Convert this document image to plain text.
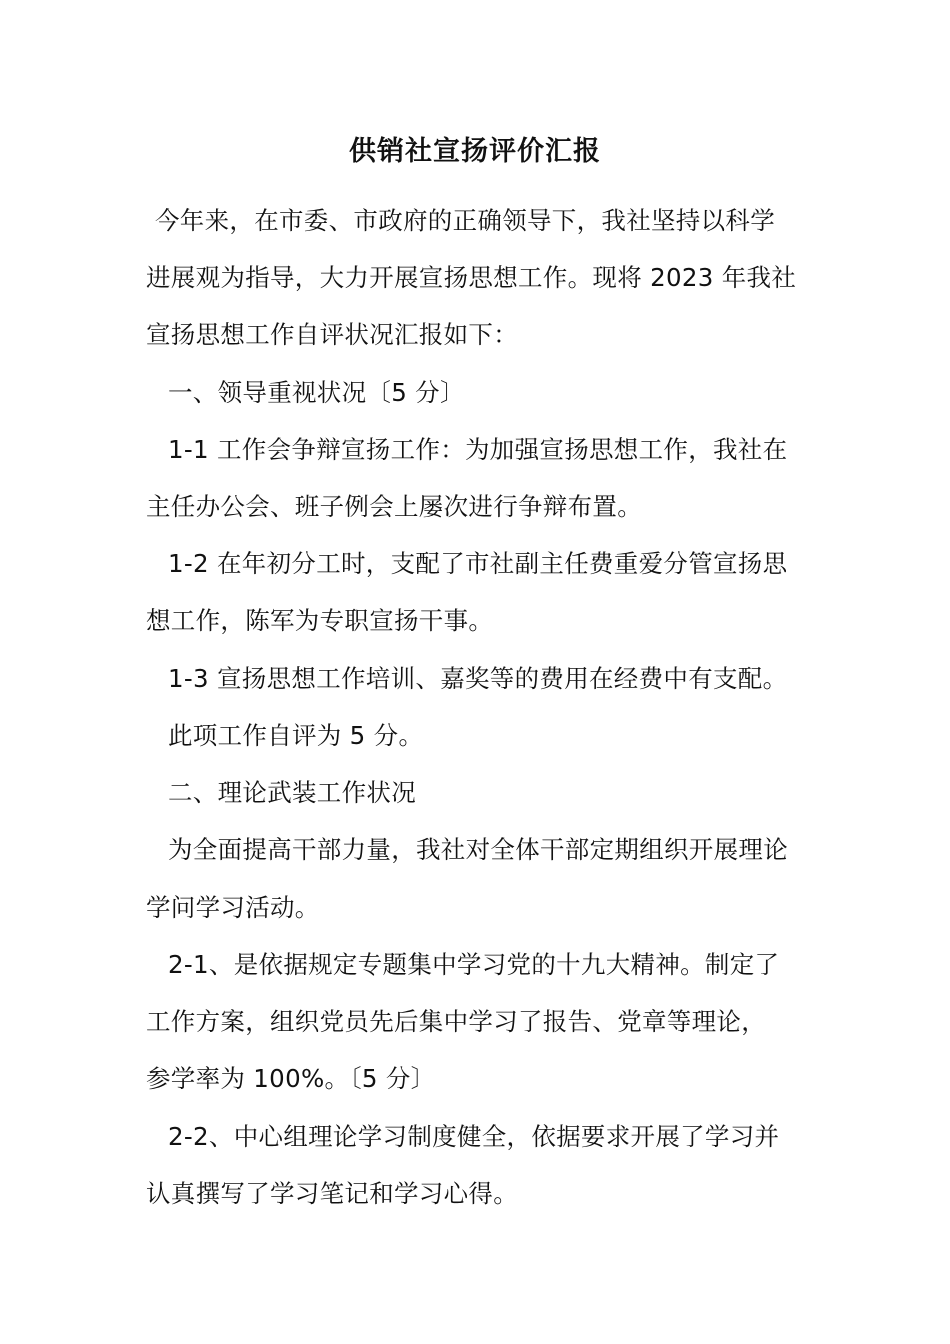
供销社宣扬评价汇报
今年来，在市委、市政府的正确领导下，我社坚持以科学
进展观为指导，大力开展宣扬思想工作。现将 2023 年我社
宣扬思想工作自评状况汇报如下：
一、领导重视状况〔5 分〕
1-1 工作会争辩宣扬工作：为加强宣扬思想工作，我社在
主任办公会、班子例会上屡次进行争辩布置。
1-2 在年初分工时，支配了市社副主任费重爱分管宣扬思
想工作，陈军为专职宣扬干事。
1-3 宣扬思想工作培训、嘉奖等的费用在经费中有支配。
此项工作自评为 5 分。
二、理论武装工作状况
为全面提高干部力量，我社对全体干部定期组织开展理论
学问学习活动。
2-1、是依据规定专题集中学习党的十九大精神。制定了
工作方案，组织党员先后集中学习了报告、党章等理论，
参学率为 100%。〔5 分〕
2-2、中心组理论学习制度健全，依据要求开展了学习并
认真撰写了学习笔记和学习心得。
